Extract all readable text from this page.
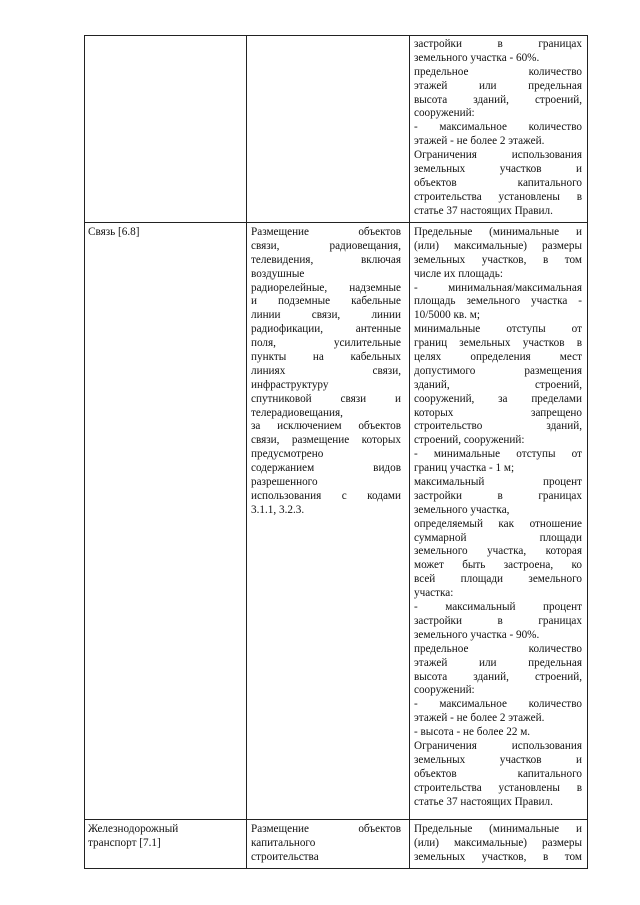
застройки в границах
земельного участка - 60%.
предельное количество
этажей или предельная
высота зданий, строений,
сооружений:
- максимальное количество
этажей - не более 2 этажей.
Ограничения использования
земельных участков и
объектов капитального
строительства установлены в
статье 37 настоящих Правил.
Связь [6.8]	Размещение объектов
связи, радиовещания,
телевидения, включая
воздушные
радиорелейные, надземные
и подземные кабельные
линии связи, линии
радиофикации, антенные
поля, усилительные
пункты на кабельных
линиях связи,
инфраструктуру
спутниковой связи и
телерадиовещания,
за исключением объектов
связи, размещение которых
предусмотрено
содержанием видов
разрешенного
использования с кодами
3.1.1, 3.2.3.
Предельные (минимальные и
(или) максимальные) размеры
земельных участков, в том
числе их площадь:
- минимальная/максимальная
площадь земельного участка -
10/5000 кв. м;
минимальные отступы от
границ земельных участков в
целях определения мест
допустимого размещения
зданий, строений,
сооружений, за пределами
которых запрещено
строительство зданий,
строений, сооружений:
- минимальные отступы от
границ участка - 1 м;
максимальный процент
застройки в границах
земельного участка,
определяемый как отношение
суммарной площади
земельного участка, которая
может быть застроена, ко
всей площади земельного
участка:
- максимальный процент
застройки в границах
земельного участка - 90%.
предельное количество
этажей или предельная
высота зданий, строений,
сооружений:
- максимальное количество
этажей - не более 2 этажей.
- высота - не более 22 м.
Ограничения использования
земельных участков и
объектов капитального
строительства установлены в
статье 37 настоящих Правил.
Железнодорожный
транспорт [7.1]
Размещение объектов
капитального
строительства
Предельные (минимальные и
(или) максимальные) размеры
земельных участков, в том
